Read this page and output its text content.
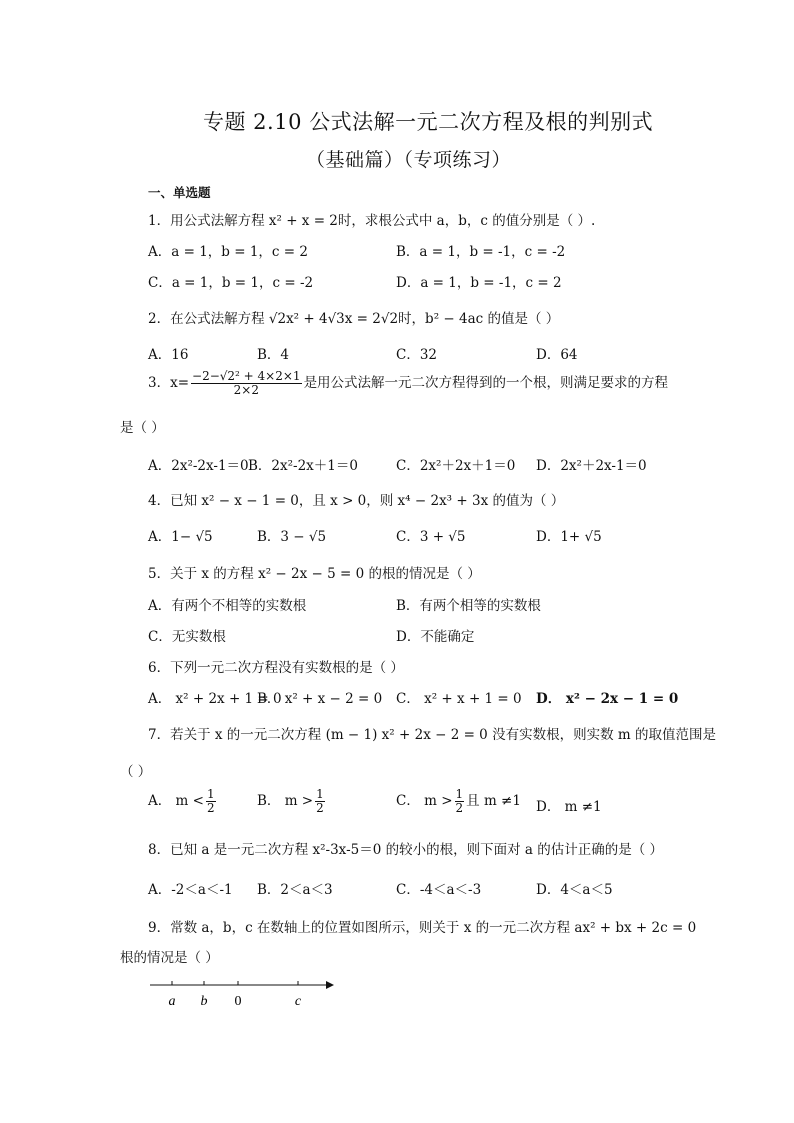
专题 2.10 公式法解一元二次方程及根的判别式
（基础篇）（专项练习）
一、单选题
1．用公式法解方程 x² + x = 2时，求根公式中 a，b，c 的值分别是（ ）.
A．a = 1，b = 1，c = 2	B．a = 1，b = -1，c = -2
C．a = 1，b = 1，c = -2	D．a = 1，b = -1，c = 2
2．在公式法解方程 √2x² + 4√3x = 2√2时，b² − 4ac 的值是（ ）
A．16	B．4	C．32	D．64
3．$x= \frac{\text{−2−√2² + 4×2×1}}{2\times 2}$ 是用公式法解一元二次方程得到的一个根，则满足要求的方程
是（ ）
A．2x²-2x-1＝0 B．2x²-2x＋1＝0	C．2x²＋2x＋1＝0 D．2x²＋2x-1＝0
4．已知 x² − x − 1 = 0，且 x > 0，则 x⁴ − 2x³ + 3x 的值为（ ）
A．1− √5	B．3 − √5	C．3 + √5	D．1+ √5
5．关于 x 的方程 x² − 2x − 5 = 0 的根的情况是（ ）
A．有两个不相等的实数根	B．有两个相等的实数根
C．无实数根	D．不能确定
6．下列一元二次方程没有实数根的是（ ）
A． x² + 2x + 1 = 0
B． x² + x − 2 = 0 C． x² + x + 1 = 0 D． x² − 2x − 1 = 0
7．若关于 x 的一元二次方程 (m − 1) x² + 2x − 2 = 0 没有实数根，则实数 m 的取值范围是
（ ）
A． $m < \frac{1}{2}$	B． $m > \frac{1}{2}$	C． $m > \frac{1}{2}$ 且 m ≠1 D． m ≠1
8．已知 a 是一元二次方程 x²-3x-5＝0 的较小的根，则下面对 a 的估计正确的是（ ）
A．-2＜a＜-1 B．2＜a＜3	C．-4＜a＜-3	D．4＜a＜5
9．常数 a，b，c 在数轴上的位置如图所示，则关于 x 的一元二次方程 ax² + bx + 2c = 0
根的情况是（ ）
a b 0	c
